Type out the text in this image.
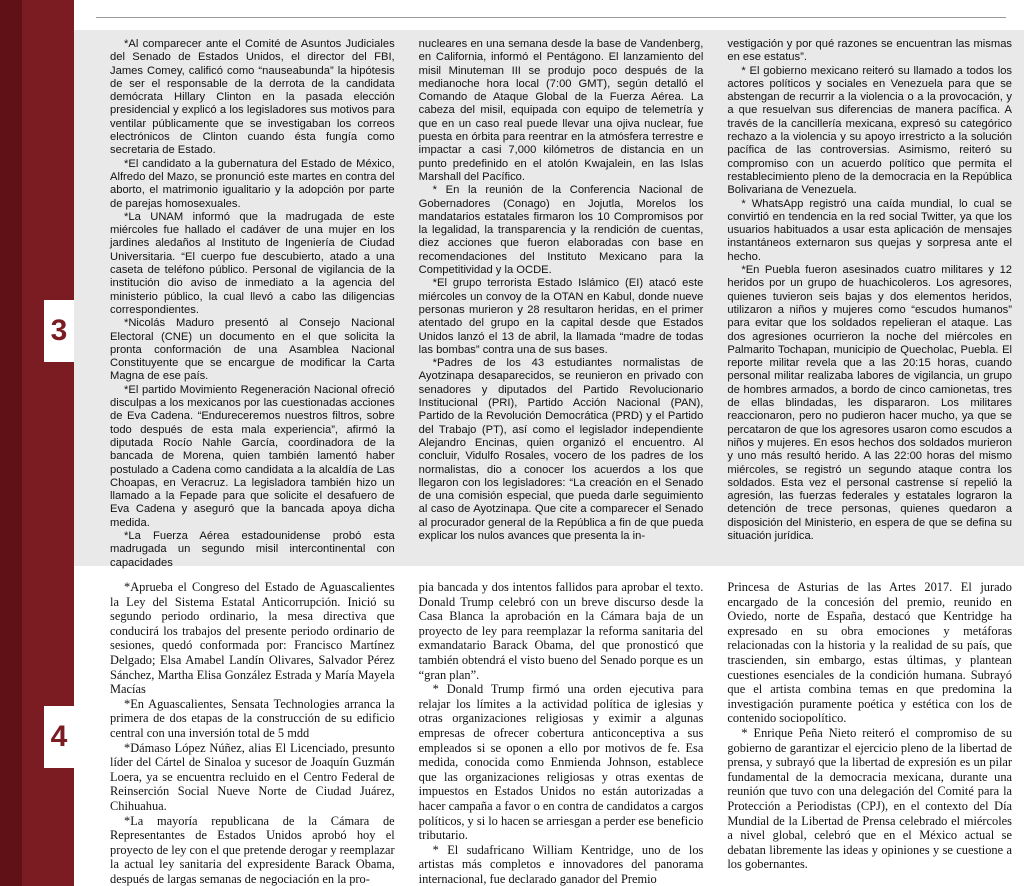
3
4

*Al comparecer ante el Comité de Asuntos Judiciales del Senado de Estados Unidos, el director del FBI, James Comey, calificó como “nauseabunda” la hipótesis de ser el responsable de la derrota de la candidata demócrata Hillary Clinton en la pasada elección presidencial y explicó a los legisladores sus motivos para ventilar públicamente que se investigaban los correos electrónicos de Clinton cuando ésta fungía como secretaria de Estado.

*El candidato a la gubernatura del Estado de México, Alfredo del Mazo, se pronunció este martes en contra del aborto, el matrimonio igualitario y la adopción por parte de parejas homosexuales.

*La UNAM informó que la madrugada de este miércoles fue hallado el cadáver de una mujer en los jardines aledaños al Instituto de Ingeniería de Ciudad Universitaria. “El cuerpo fue descubierto, atado a una caseta de teléfono público. Personal de vigilancia de la institución dio aviso de inmediato a la agencia del ministerio público, la cual llevó a cabo las diligencias correspondientes.

*Nicolás Maduro presentó al Consejo Nacional Electoral (CNE) un documento en el que solicita la pronta conformación de una Asamblea Nacional Constituyente que se encargue de modificar la Carta Magna de ese país.

*El partido Movimiento Regeneración Nacional ofreció disculpas a los mexicanos por las cuestionadas acciones de Eva Cadena. “Endureceremos nuestros filtros, sobre todo después de esta mala experiencia”, afirmó la diputada Rocío Nahle García, coordinadora de la bancada de Morena, quien también lamentó haber postulado a Cadena como candidata a la alcaldía de Las Choapas, en Veracruz. La legisladora también hizo un llamado a la Fepade para que solicite el desafuero de Eva Cadena y aseguró que la bancada apoya dicha medida.

*La Fuerza Aérea estadounidense probó esta madrugada un segundo misil intercontinental con capacidades

nucleares en una semana desde la base de Vandenberg, en California, informó el Pentágono. El lanzamiento del misil Minuteman III se produjo poco después de la medianoche hora local (7:00 GMT), según detalló el Comando de Ataque Global de la Fuerza Aérea. La cabeza del misil, equipada con equipo de telemetría y que en un caso real puede llevar una ojiva nuclear, fue puesta en órbita para reentrar en la atmósfera terrestre e impactar a casi 7,000 kilómetros de distancia en un punto predefinido en el atolón Kwajalein, en las Islas Marshall del Pacífico.

* En la reunión de la Conferencia Nacional de Gobernadores (Conago) en Jojutla, Morelos los mandatarios estatales firmaron los 10 Compromisos por la legalidad, la transparencia y la rendición de cuentas, diez acciones que fueron elaboradas con base en recomendaciones del Instituto Mexicano para la Competitividad y la OCDE.

*El grupo terrorista Estado Islámico (EI) atacó este miércoles un convoy de la OTAN en Kabul, donde nueve personas murieron y 28 resultaron heridas, en el primer atentado del grupo en la capital desde que Estados Unidos lanzó el 13 de abril, la llamada “madre de todas las bombas” contra una de sus bases.

*Padres de los 43 estudiantes normalistas de Ayotzinapa desaparecidos, se reunieron en privado con senadores y diputados del Partido Revolucionario Institucional (PRI), Partido Acción Nacional (PAN), Partido de la Revolución Democrática (PRD) y el Partido del Trabajo (PT), así como el legislador independiente Alejandro Encinas, quien organizó el encuentro. Al concluir, Vidulfo Rosales, vocero de los padres de los normalistas, dio a conocer los acuerdos a los que llegaron con los legisladores: “La creación en el Senado de una comisión especial, que pueda darle seguimiento al caso de Ayotzinapa. Que cite a comparecer el Senado al procurador general de la República a fin de que pueda explicar los nulos avances que presenta la in-

vestigación y por qué razones se encuentran las mismas en ese estatus”.

* El gobierno mexicano reiteró su llamado a todos los actores políticos y sociales en Venezuela para que se abstengan de recurrir a la violencia o a la provocación, y a que resuelvan sus diferencias de manera pacífica. A través de la cancillería mexicana, expresó su categórico rechazo a la violencia y su apoyo irrestricto a la solución pacífica de las controversias. Asimismo, reiteró su compromiso con un acuerdo político que permita el restablecimiento pleno de la democracia en la República Bolivariana de Venezuela.

* WhatsApp registró una caída mundial, lo cual se convirtió en tendencia en la red social Twitter, ya que los usuarios habituados a usar esta aplicación de mensajes instantáneos externaron sus quejas y sorpresa ante el hecho.

*En Puebla fueron asesinados cuatro militares y 12 heridos por un grupo de huachicoleros. Los agresores, quienes tuvieron seis bajas y dos elementos heridos, utilizaron a niños y mujeres como “escudos humanos” para evitar que los soldados repelieran el ataque. Las dos agresiones ocurrieron la noche del miércoles en Palmarito Tochapan, municipio de Quecholac, Puebla. El reporte militar revela que a las 20:15 horas, cuando personal militar realizaba labores de vigilancia, un grupo de hombres armados, a bordo de cinco camionetas, tres de ellas blindadas, les dispararon. Los militares reaccionaron, pero no pudieron hacer mucho, ya que se percataron de que los agresores usaron como escudos a niños y mujeres. En esos hechos dos soldados murieron y uno más resultó herido. A las 22:00 horas del mismo miércoles, se registró un segundo ataque contra los soldados. Esta vez el personal castrense sí repelió la agresión, las fuerzas federales y estatales lograron la detención de trece personas, quienes quedaron a disposición del Ministerio, en espera de que se defina su situación jurídica.

*Aprueba el Congreso del Estado de Aguascalientes la Ley del Sistema Estatal Anticorrupción. Inició su segundo periodo ordinario, la mesa directiva que conducirá los trabajos del presente periodo ordinario de sesiones, quedó conformada por: Francisco Martínez Delgado; Elsa Amabel Landín Olivares, Salvador Pérez Sánchez, Martha Elisa González Estrada y María Mayela Macías

*En Aguascalientes, Sensata Technologies arranca la primera de dos etapas de la construcción de su edificio central con una inversión total de 5 mdd

*Dámaso López Núñez, alias El Licenciado, presunto líder del Cártel de Sinaloa y sucesor de Joaquín Guzmán Loera, ya se encuentra recluido en el Centro Federal de Reinserción Social Nueve Norte de Ciudad Juárez, Chihuahua.

*La mayoría republicana de la Cámara de Representantes de Estados Unidos aprobó hoy el proyecto de ley con el que pretende derogar y reemplazar la actual ley sanitaria del expresidente Barack Obama, después de largas semanas de negociación en la pro-

pia bancada y dos intentos fallidos para aprobar el texto. Donald Trump celebró con un breve discurso desde la Casa Blanca la aprobación en la Cámara baja de un proyecto de ley para reemplazar la reforma sanitaria del exmandatario Barack Obama, del que pronosticó que también obtendrá el visto bueno del Senado porque es un “gran plan”.

* Donald Trump firmó una orden ejecutiva para relajar los límites a la actividad política de iglesias y otras organizaciones religiosas y eximir a algunas empresas de ofrecer cobertura anticonceptiva a sus empleados si se oponen a ello por motivos de fe. Esa medida, conocida como Enmienda Johnson, establece que las organizaciones religiosas y otras exentas de impuestos en Estados Unidos no están autorizadas a hacer campaña a favor o en contra de candidatos a cargos políticos, y si lo hacen se arriesgan a perder ese beneficio tributario.

* El sudafricano William Kentridge, uno de los artistas más completos e innovadores del panorama internacional, fue declarado ganador del Premio

Princesa de Asturias de las Artes 2017. El jurado encargado de la concesión del premio, reunido en Oviedo, norte de España, destacó que Kentridge ha expresado en su obra emociones y metáforas relacionadas con la historia y la realidad de su país, que trascienden, sin embargo, estas últimas, y plantean cuestiones esenciales de la condición humana. Subrayó que el artista combina temas en que predomina la investigación puramente poética y estética con los de contenido sociopolítico.

* Enrique Peña Nieto reiteró el compromiso de su gobierno de garantizar el ejercicio pleno de la libertad de prensa, y subrayó que la libertad de expresión es un pilar fundamental de la democracia mexicana, durante una reunión que tuvo con una delegación del Comité para la Protección a Periodistas (CPJ), en el contexto del Día Mundial de la Libertad de Prensa celebrado el miércoles a nivel global, celebró que en el México actual se debatan libremente las ideas y opiniones y se cuestione a los gobernantes.
